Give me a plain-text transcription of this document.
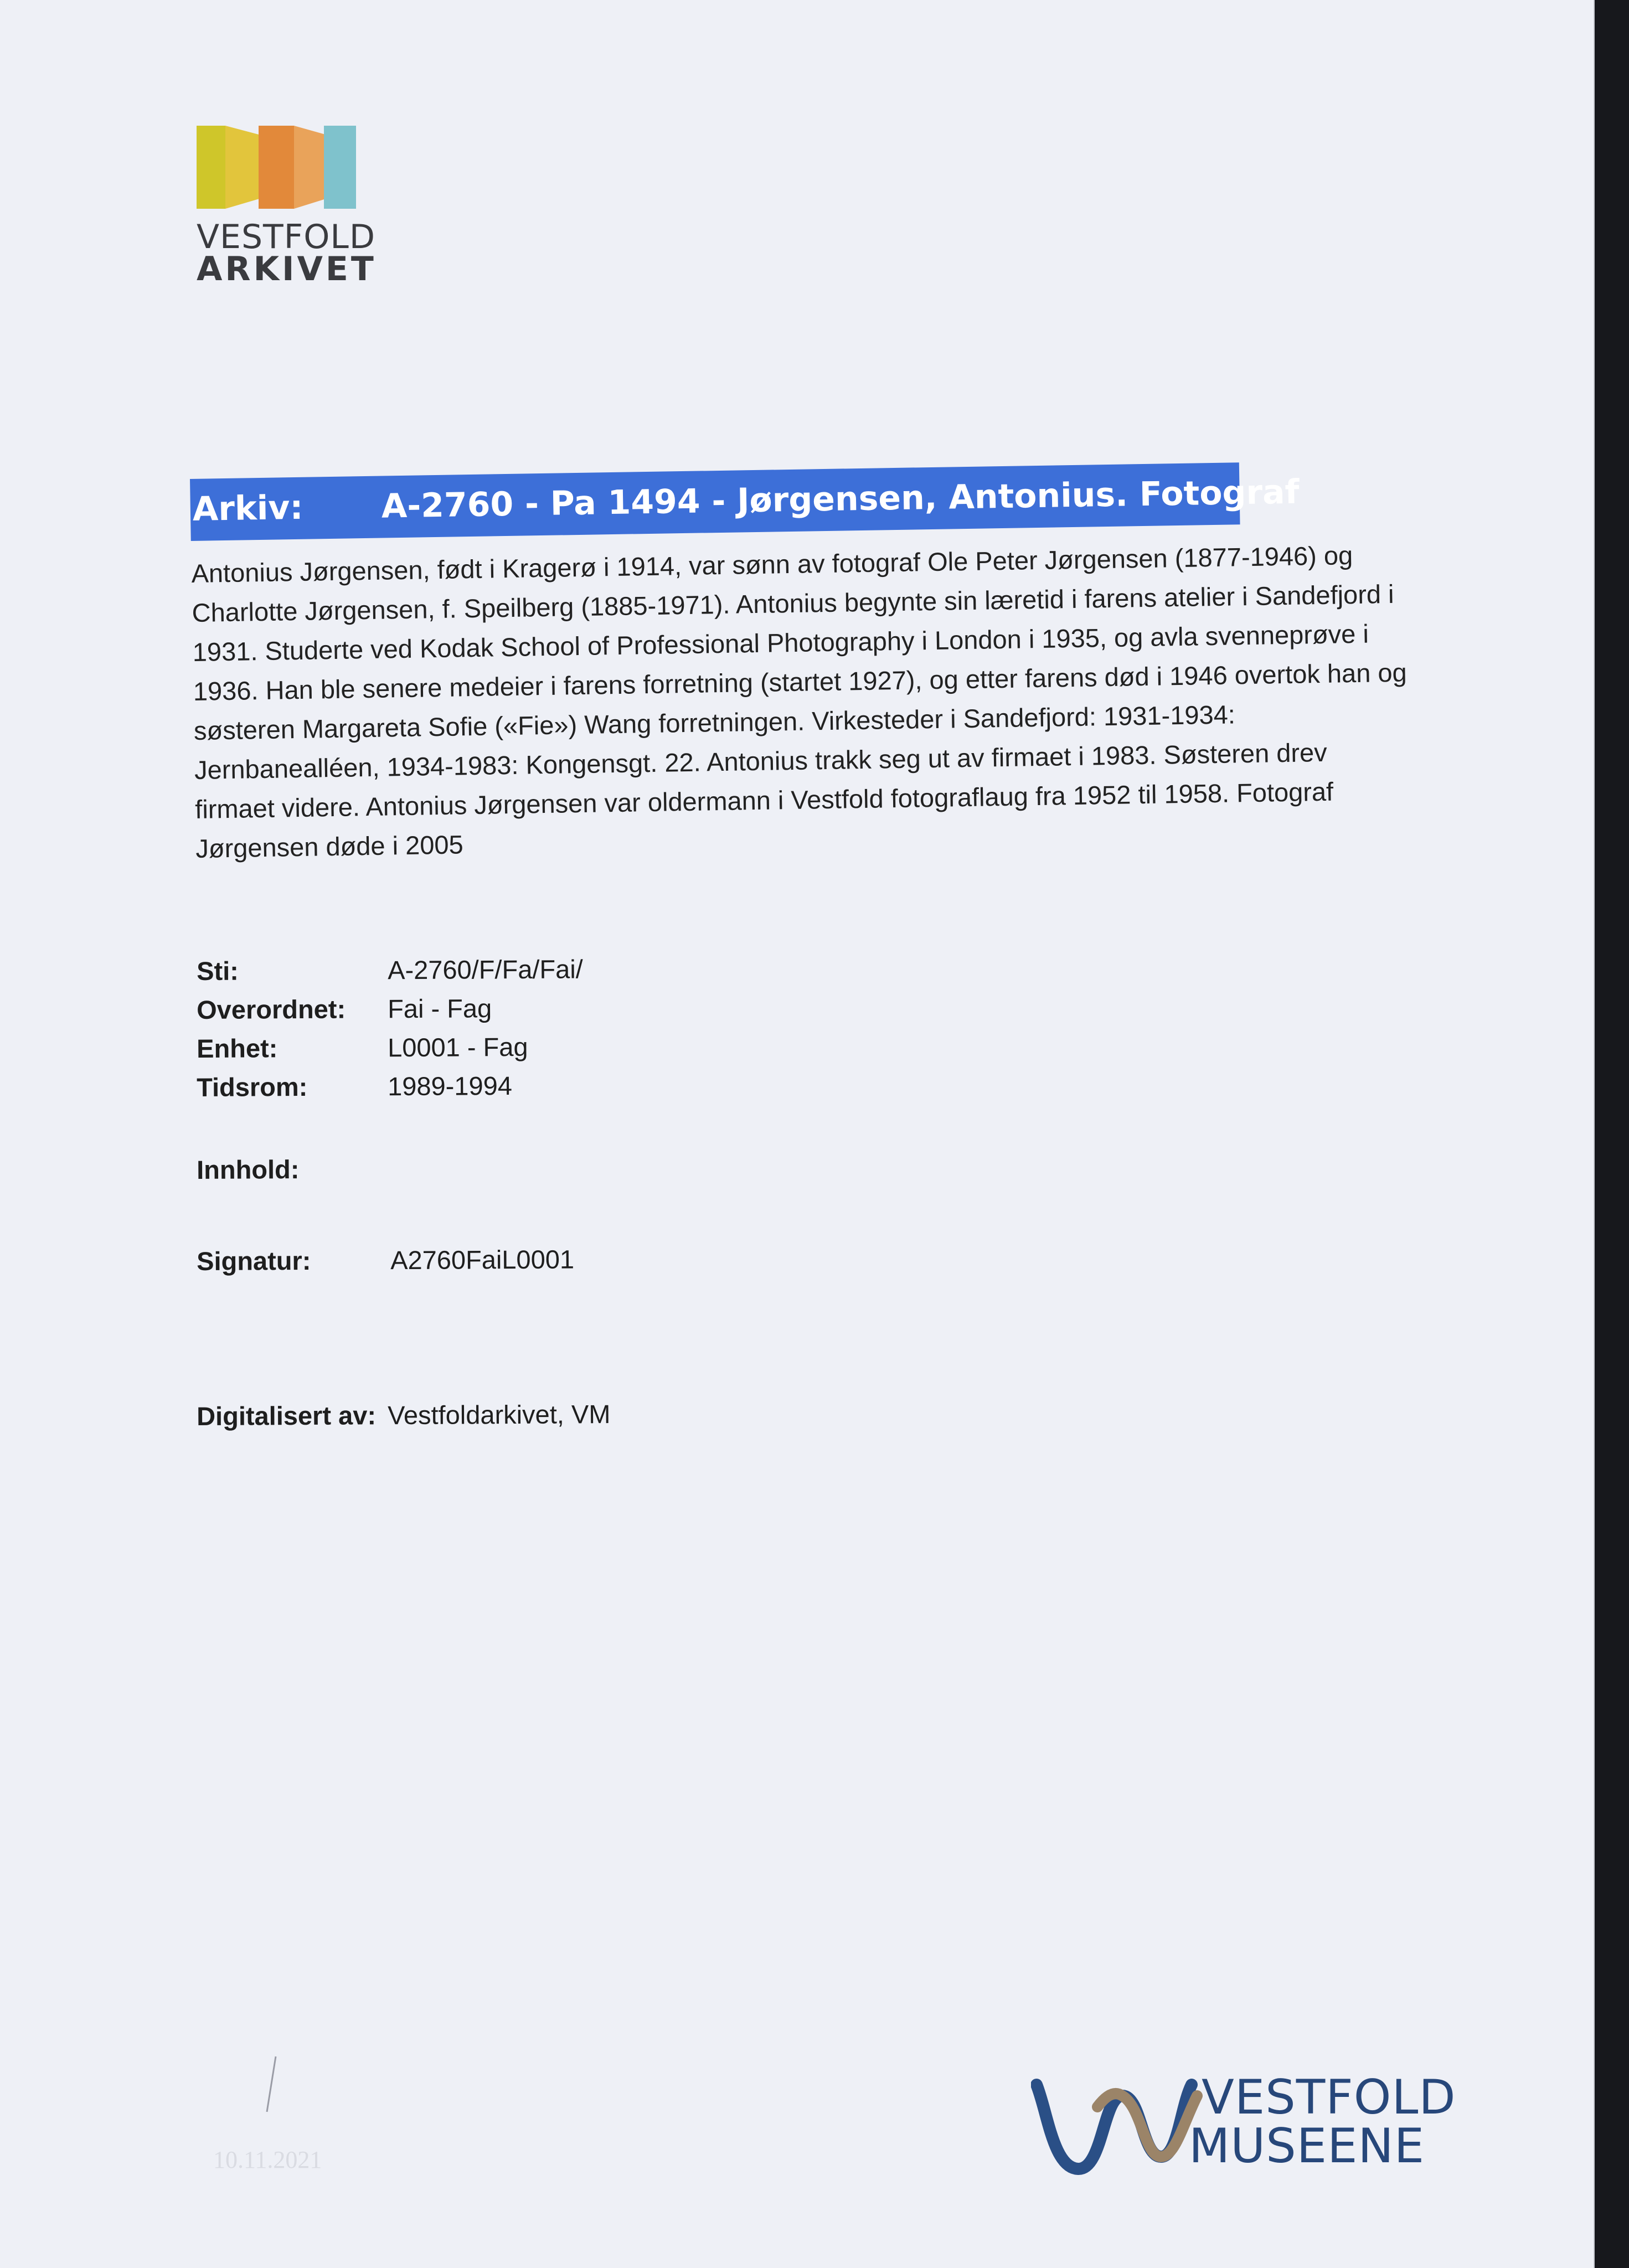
VESTFOLD
ARKIVET
Arkiv: A-2760 - Pa 1494 - Jørgensen, Antonius. Fotograf
Antonius Jørgensen, født i Kragerø i 1914, var sønn av fotograf Ole Peter Jørgensen (1877-1946) og Charlotte Jørgensen, f. Speilberg (1885-1971). Antonius begynte sin læretid i farens atelier i Sandefjord i 1931. Studerte ved Kodak School of Professional Photography i London i 1935, og avla svenneprøve i 1936. Han ble senere medeier i farens forretning (startet 1927), og etter farens død i 1946 overtok han og søsteren Margareta Sofie («Fie») Wang forretningen. Virkesteder i Sandefjord: 1931-1934: Jernbanealléen, 1934-1983: Kongensgt. 22. Antonius trakk seg ut av firmaet i 1983. Søsteren drev firmaet videre. Antonius Jørgensen var oldermann i Vestfold fotograflaug fra 1952 til 1958. Fotograf Jørgensen døde i 2005
Sti:	A-2760/F/Fa/Fai/
Overordnet: Fai - Fag
Enhet:	L0001 - Fag
Tidsrom:	1989-1994
Innhold:
Signatur:	A2760FaiL0001
Digitalisert av: Vestfoldarkivet, VM
10.11.2021
VESTFOLD
MUSEENE
